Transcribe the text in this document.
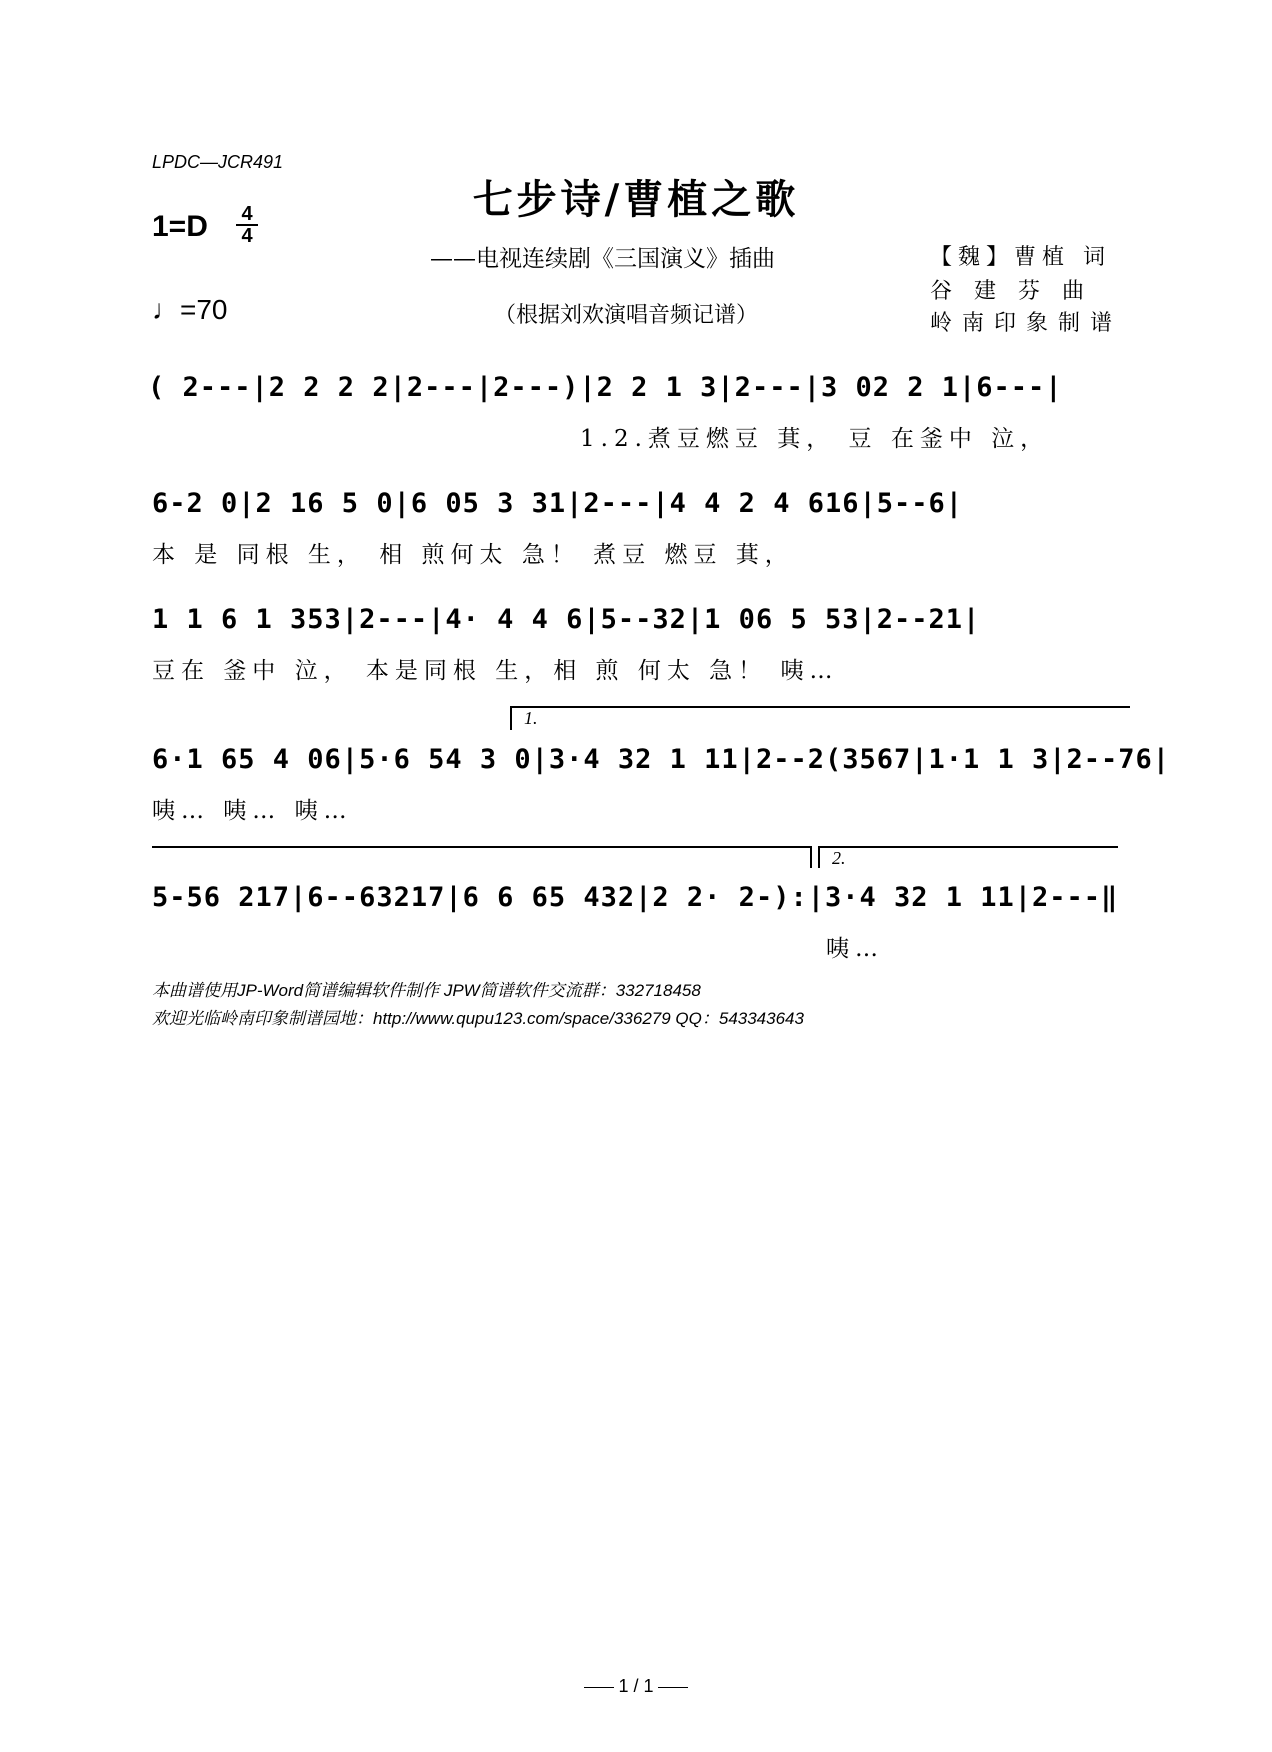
LPDC—JCR491
七步诗/曹植之歌
1=D 4
4
♩=70
——电视连续剧《三国演义》插曲
（根据刘欢演唱音频记谱）
【魏】曹植 词
谷建芬曲
岭南印象制谱
( 2---|2 2 2 2|2---|2---)|2 2 1 3|2---|3 02 2 1|6---|
1.2.煮豆燃豆 萁， 豆 在釜中 泣，
6-2 0|2 16 5 0|6 05 3 31|2---|4 4 2 4 616|5--6|
本 是 同根 生， 相 煎何太 急！ 煮豆 燃豆 萁，
1 1 6 1 353|2---|4· 4 4 6|5--32|1 06 5 53|2--21|
豆在 釜中 泣， 本是同根 生，相 煎 何太 急！ 咦…
1.
6·1 65 4 06|5·6 54 3 0|3·4 32 1 11|2--2(3567|1·1 1 3|2--76|
咦… 咦… 咦…
2.
5-56 217|6--63217|6 6 65 432|2 2· 2-):|3·4 32 1 11|2---‖
咦…
本曲谱使用JP-Word简谱编辑软件制作 JPW简谱软件交流群：332718458
欢迎光临岭南印象制谱园地：http://www.qupu123.com/space/336279 QQ：543343643
1 / 1
